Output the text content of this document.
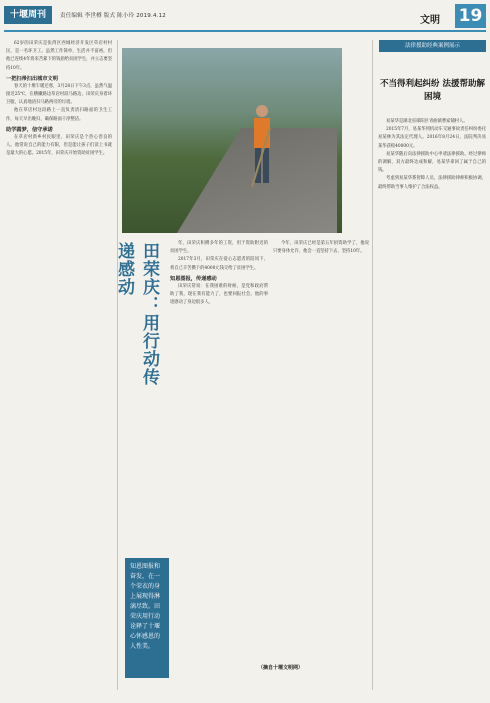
十堰周刊	责任编辑 李世樽 版式 陈小玲 2019.4.12	文明 19

62岁的田荣庆是张湾区西城经济开发区草店村村民，是一名环卫工。虽然工作简单，生活并不富裕，但他已连续4年将来苦累下的钱捐给贫困学生，并立志要坚持10年。

一把扫帚扫出城市文明

春天的十堰乍暖还寒，3月28日下午3点，虽然气温接近25℃，在横撇路边草店村段马路边，田荣庆身着环卫服，认真地清扫马路两旁的垃圾。

他在草店村这段路上一直负责清扫路面的卫生工作，每天早出晚归，确保路面干净整洁。

助学圆梦，信守承诺

在草店村新乡村民眼里，田荣庆是个热心善良的人。他常说自己的能力有限，但是能让孩子们读上书就是最大的心愿。2015年，田荣庆开始资助贫困学生。

田荣庆：用行动传递感动	年，田荣庆积攒多年的工资，用于资助附近的贫困学生。

2017年3月，田荣庆在爱心志愿者的陪同下，将自己辛苦攒下的4000元钱交给了贫困学生。

知恩图报，传递感动

田荣庆常说：在我困难的时候，是党和政府帮助了我，现在我有能力了，也要回报社会。他的事迹感动了身边很多人。

今年，田荣庆已经是第五年捐资助学了，他说只要身体允许，他会一直坚持下去，坚持10年。

知恩图报和奋发，在一个荣衣的身上展现得淋漓尽致。田荣庆用行动诠释了十堰心怀感恩的人性美。
（摘自十堰文明网）
法律援助经典案例展示
不当得利起纠纷 法援帮助解困境

易某华是湖北省郧阳区青曲镇曹家铺村人。

2015年7月，易某华到机动车交通事故责任纠纷委托易某林为其法定代理人。2016年8月24日，法院判决易某华获赔40000元。

易某华随后向法律援助中心申请法律援助。经过律师的调解，双方最终达成和解，易某华拿回了属于自己的钱。

考虑到易某华系智障人员，法律援助律师积极协调，最终帮助当事人维护了合法权益。
